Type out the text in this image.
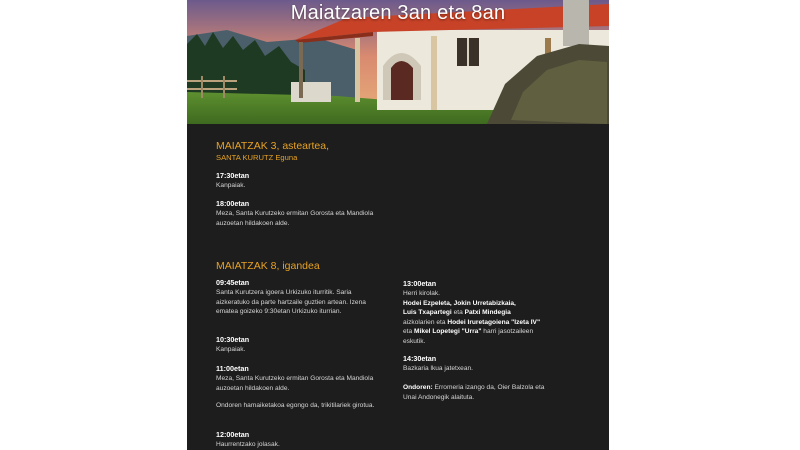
Maiatzaren 3an eta 8an
MAIATZAK 3, asteartea,
SANTA KURUTZ Eguna
17:30etan
Kanpaiak.
18:00etan
Meza, Santa Kurutzeko ermitan Gorosta eta Mandiola auzoetan hildakoen alde.
MAIATZAK 8, igandea
09:45etan
Santa Kurutzera igoera Urkizuko iturritik. Saria aizkeratuko da parte hartzaile guztien artean. Izena ematea goizeko 9:30etan Urkizuko iturrian.
10:30etan
Kanpaiak.
11:00etan
Meza, Santa Kurutzeko ermitan Gorosta eta Mandiola auzoetan hildakoen alde.
Ondoren hamaiketakoa egongo da, trikitilariek girotua.
12:00etan
Haurrentzako jolasak.
13:00etan
Herri kirolak.
Hodei Ezpeleta, Jokin Urretabizkaia,
Luis Txapartegi eta Patxi Mindegia
aizkolarien eta Hodei Iruretagoiena "Izeta IV"
eta Mikel Lopetegi "Urra" harri jasotzaileen
eskutik.
14:30etan
Bazkaria lkua jatetxean.
Ondoren: Erromeria izango da, Oier Balzola eta
Unai Andonegik alaituta.
